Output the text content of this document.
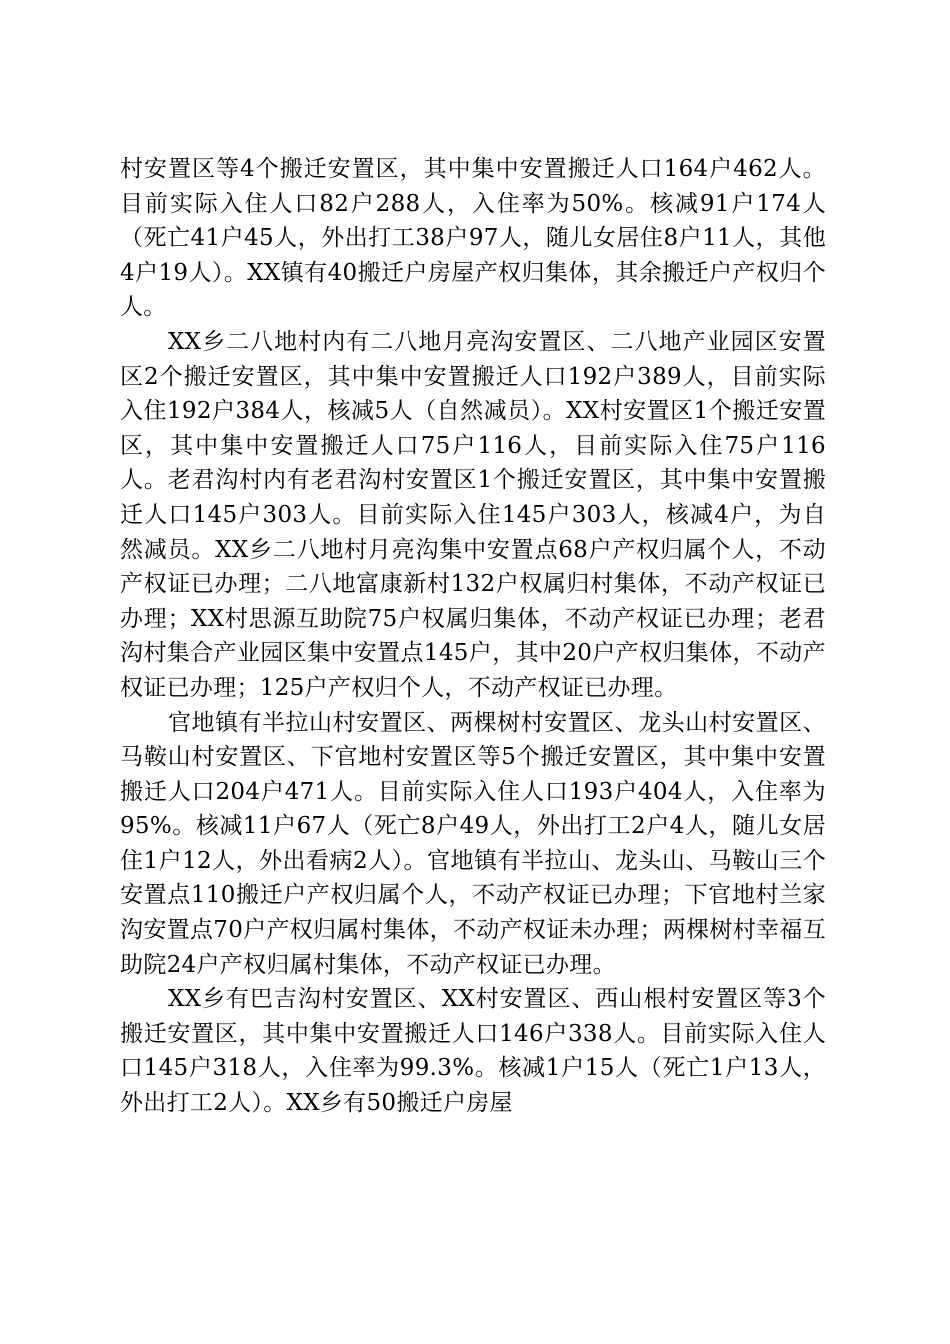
村安置区等4个搬迁安置区，其中集中安置搬迁人口164户462人。目前实际入住人口82户288人，入住率为50%。核减91户174人（死亡41户45人，外出打工38户97人，随儿女居住8户11人，其他4户19人）。XX镇有40搬迁户房屋产权归集体，其余搬迁户产权归个人。

XX乡二八地村内有二八地月亮沟安置区、二八地产业园区安置区2个搬迁安置区，其中集中安置搬迁人口192户389人，目前实际入住192户384人，核减5人（自然减员）。XX村安置区1个搬迁安置区，其中集中安置搬迁人口75户116人，目前实际入住75户116人。老君沟村内有老君沟村安置区1个搬迁安置区，其中集中安置搬迁人口145户303人。目前实际入住145户303人，核减4户，为自然减员。XX乡二八地村月亮沟集中安置点68户产权归属个人，不动产权证已办理；二八地富康新村132户权属归村集体，不动产权证已办理；XX村思源互助院75户权属归集体，不动产权证已办理；老君沟村集合产业园区集中安置点145户，其中20户产权归集体，不动产权证已办理；125户产权归个人，不动产权证已办理。

官地镇有半拉山村安置区、两棵树村安置区、龙头山村安置区、马鞍山村安置区、下官地村安置区等5个搬迁安置区，其中集中安置搬迁人口204户471人。目前实际入住人口193户404人，入住率为95%。核减11户67人（死亡8户49人，外出打工2户4人，随儿女居住1户12人，外出看病2人）。官地镇有半拉山、龙头山、马鞍山三个安置点110搬迁户产权归属个人，不动产权证已办理；下官地村兰家沟安置点70户产权归属村集体，不动产权证未办理；两棵树村幸福互助院24户产权归属村集体，不动产权证已办理。

XX乡有巴吉沟村安置区、XX村安置区、西山根村安置区等3个搬迁安置区，其中集中安置搬迁人口146户338人。目前实际入住人口145户318人，入住率为99.3%。核减1户15人（死亡1户13人，外出打工2人）。XX乡有50搬迁户房屋
